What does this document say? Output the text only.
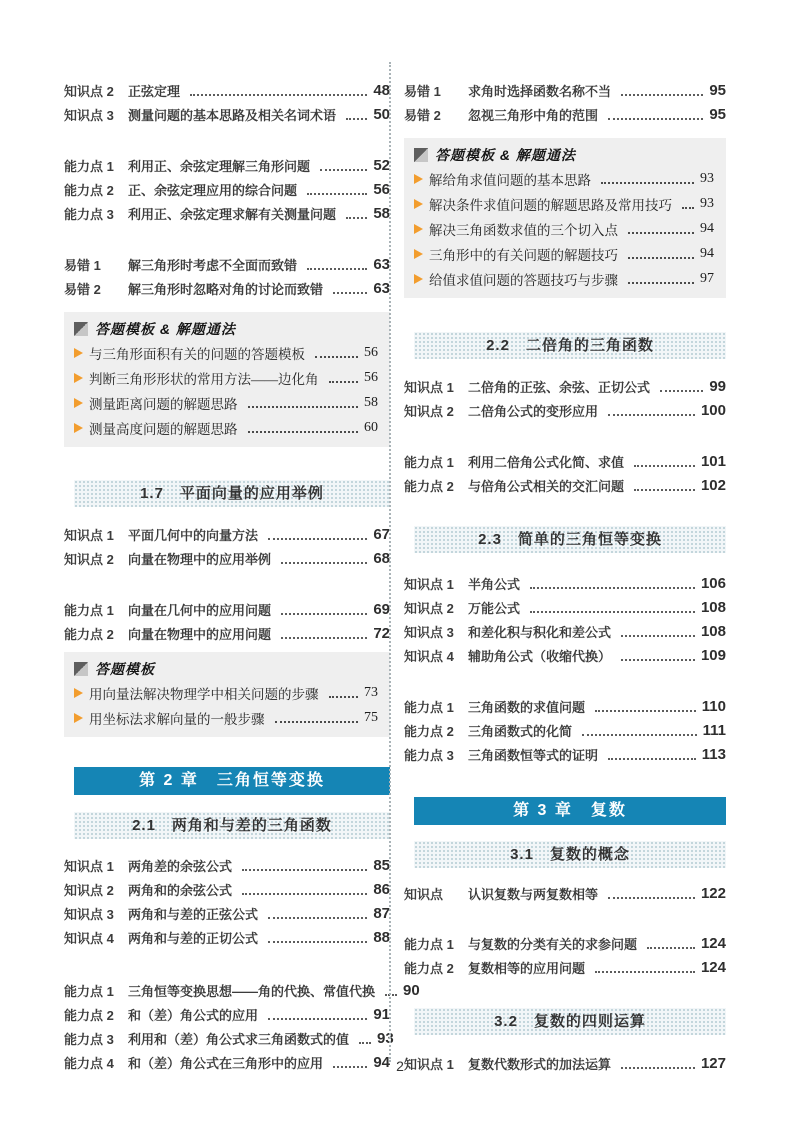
知识点 2	正弦定理	48
知识点 3	测量问题的基本思路及相关名词术语 50
能力点 1	利用正、余弦定理解三角形问题	52
能力点 2	正、余弦定理应用的综合问题	56
能力点 3	利用正、余弦定理求解有关测量问题 58
易错 1	解三角形时考虑不全面而致错	63
易错 2	解三角形时忽略对角的讨论而致错	63
答题模板 & 解题通法
与三角形面积有关的问题的答题模板	56
判断三角形形状的常用方法——边化角	56
测量距离问题的解题思路	58
测量高度问题的解题思路	60
1.7　平面向量的应用举例
知识点 1	平面几何中的向量方法	67
知识点 2	向量在物理中的应用举例	68
能力点 1	向量在几何中的应用问题	69
能力点 2	向量在物理中的应用问题	72
答题模板
用向量法解决物理学中相关问题的步骤	73
用坐标法求解向量的一般步骤	75
第 2 章　三角恒等变换
2.1　两角和与差的三角函数
知识点 1	两角差的余弦公式	85
知识点 2	两角和的余弦公式	86
知识点 3	两角和与差的正弦公式	87
知识点 4	两角和与差的正切公式	88
能力点 1	三角恒等变换思想——角的代换、常值代换 90
能力点 2	和（差）角公式的应用	91
能力点 3	利用和（差）角公式求三角函数式的值 93
能力点 4	和（差）角公式在三角形中的应用	94
易错 1	求角时选择函数名称不当	95
易错 2	忽视三角形中角的范围	95
答题模板 & 解题通法
解给角求值问题的基本思路	93
解决条件求值问题的解题思路及常用技巧 93
解决三角函数求值的三个切入点	94
三角形中的有关问题的解题技巧	94
给值求值问题的答题技巧与步骤	97
2.2　二倍角的三角函数
知识点 1	二倍角的正弦、余弦、正切公式	99
知识点 2	二倍角公式的变形应用	100
能力点 1	利用二倍角公式化简、求值	101
能力点 2	与倍角公式相关的交汇问题	102
2.3　简单的三角恒等变换
知识点 1	半角公式	106
知识点 2	万能公式	108
知识点 3	和差化积与积化和差公式	108
知识点 4	辅助角公式（收缩代换）	109
能力点 1	三角函数的求值问题	110
能力点 2	三角函数式的化简	111
能力点 3	三角函数恒等式的证明	113
第 3 章　复数
3.1　复数的概念
知识点	认识复数与两复数相等	122
能力点 1	与复数的分类有关的求参问题	124
能力点 2	复数相等的应用问题	124
3.2　复数的四则运算
知识点 1	复数代数形式的加法运算	127
2
